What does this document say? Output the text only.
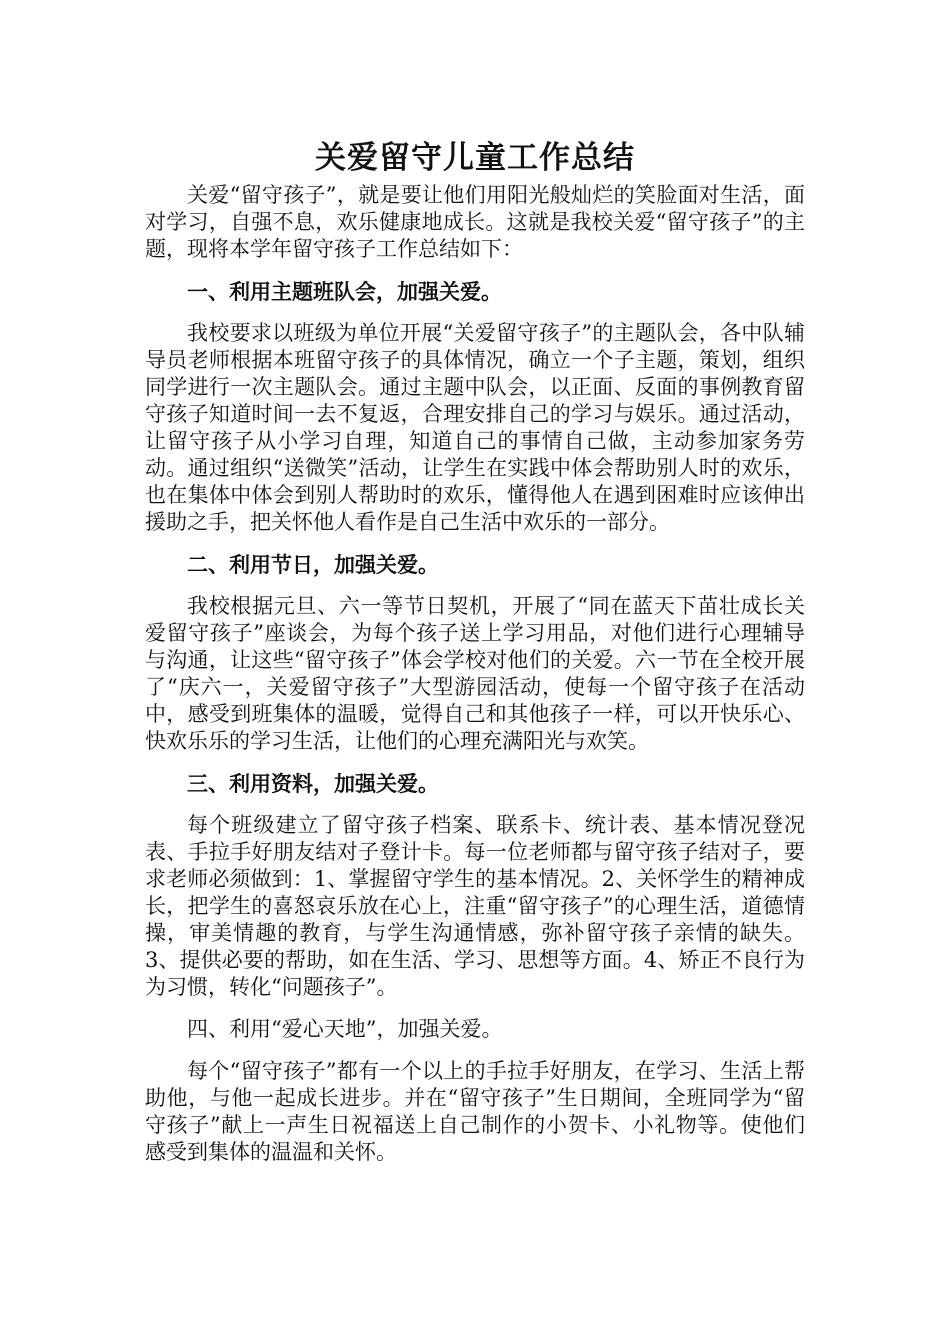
关爱留守儿童工作总结

关爱“留守孩子”，就是要让他们用阳光般灿烂的笑脸面对生活，面对学习，自强不息，欢乐健康地成长。这就是我校关爱“留守孩子”的主题，现将本学年留守孩子工作总结如下：

一、利用主题班队会，加强关爱。

我校要求以班级为单位开展“关爱留守孩子”的主题队会，各中队辅导员老师根据本班留守孩子的具体情况，确立一个子主题，策划，组织同学进行一次主题队会。通过主题中队会，以正面、反面的事例教育留守孩子知道时间一去不复返，合理安排自己的学习与娱乐。通过活动，让留守孩子从小学习自理，知道自己的事情自己做，主动参加家务劳动。通过组织“送微笑”活动，让学生在实践中体会帮助别人时的欢乐，也在集体中体会到别人帮助时的欢乐，懂得他人在遇到困难时应该伸出援助之手，把关怀他人看作是自己生活中欢乐的一部分。

二、利用节日，加强关爱。

我校根据元旦、六一等节日契机，开展了“同在蓝天下苗壮成长关爱留守孩子”座谈会，为每个孩子送上学习用品，对他们进行心理辅导与沟通，让这些“留守孩子”体会学校对他们的关爱。六一节在全校开展了“庆六一，关爱留守孩子”大型游园活动，使每一个留守孩子在活动中，感受到班集体的温暖，觉得自己和其他孩子一样，可以开快乐心、快欢乐乐的学习生活，让他们的心理充满阳光与欢笑。

三、利用资料，加强关爱。

每个班级建立了留守孩子档案、联系卡、统计表、基本情况登况表、手拉手好朋友结对子登计卡。每一位老师都与留守孩子结对子，要求老师必须做到：1、掌握留守学生的基本情况。2、关怀学生的精神成长，把学生的喜怒哀乐放在心上，注重“留守孩子”的心理生活，道德情操，审美情趣的教育，与学生沟通情感，弥补留守孩子亲情的缺失。3、提供必要的帮助，如在生活、学习、思想等方面。4、矫正不良行为为习惯，转化“问题孩子”。

四、利用“爱心天地”，加强关爱。

每个“留守孩子”都有一个以上的手拉手好朋友，在学习、生活上帮助他，与他一起成长进步。并在“留守孩子”生日期间，全班同学为“留守孩子”献上一声生日祝福送上自己制作的小贺卡、小礼物等。使他们感受到集体的温温和关怀。
